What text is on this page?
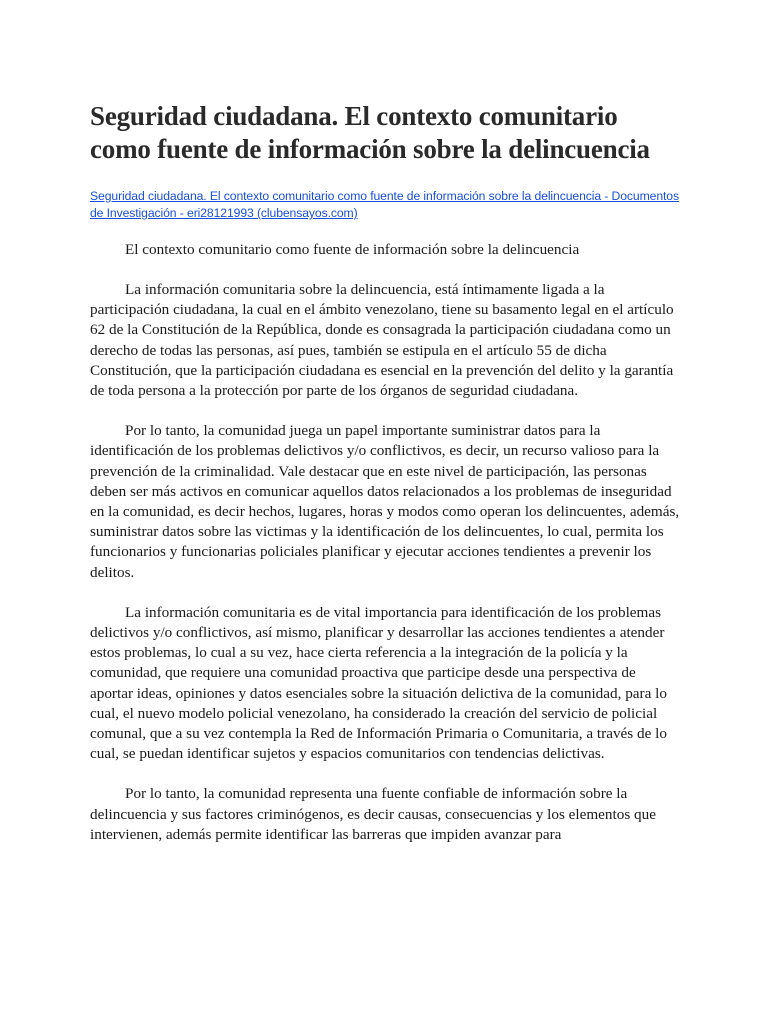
Seguridad ciudadana. El contexto comunitario como fuente de información sobre la delincuencia
Seguridad ciudadana. El contexto comunitario como fuente de información sobre la delincuencia - Documentos de Investigación - eri28121993 (clubensayos.com)

El contexto comunitario como fuente de información sobre la delincuencia

La información comunitaria sobre la delincuencia, está íntimamente ligada a la participación ciudadana, la cual en el ámbito venezolano, tiene su basamento legal en el artículo 62 de la Constitución de la República, donde es consagrada la participación ciudadana como un derecho de todas las personas, así pues, también se estipula en el artículo 55 de dicha Constitución, que la participación ciudadana es esencial en la prevención del delito y la garantía de toda persona a la protección por parte de los órganos de seguridad ciudadana.

Por lo tanto, la comunidad juega un papel importante suministrar datos para la identificación de los problemas delictivos y/o conflictivos, es decir, un recurso valioso para la prevención de la criminalidad. Vale destacar que en este nivel de participación, las personas deben ser más activos en comunicar aquellos datos relacionados a los problemas de inseguridad en la comunidad, es decir hechos, lugares, horas y modos como operan los delincuentes, además, suministrar datos sobre las victimas y la identificación de los delincuentes, lo cual, permita los funcionarios y funcionarias policiales planificar y ejecutar acciones tendientes a prevenir los delitos.

La información comunitaria es de vital importancia para identificación de los problemas delictivos y/o conflictivos, así mismo, planificar y desarrollar las acciones tendientes a atender estos problemas, lo cual a su vez, hace cierta referencia a la integración de la policía y la comunidad, que requiere una comunidad proactiva que participe desde una perspectiva de aportar ideas, opiniones y datos esenciales sobre la situación delictiva de la comunidad, para lo cual, el nuevo modelo policial venezolano, ha considerado la creación del servicio de policial comunal, que a su vez contempla la Red de Información Primaria o Comunitaria, a través de lo cual, se puedan identificar sujetos y espacios comunitarios con tendencias delictivas.

Por lo tanto, la comunidad representa una fuente confiable de información sobre la delincuencia y sus factores criminógenos, es decir causas, consecuencias y los elementos que intervienen, además permite identificar las barreras que impiden avanzar para
